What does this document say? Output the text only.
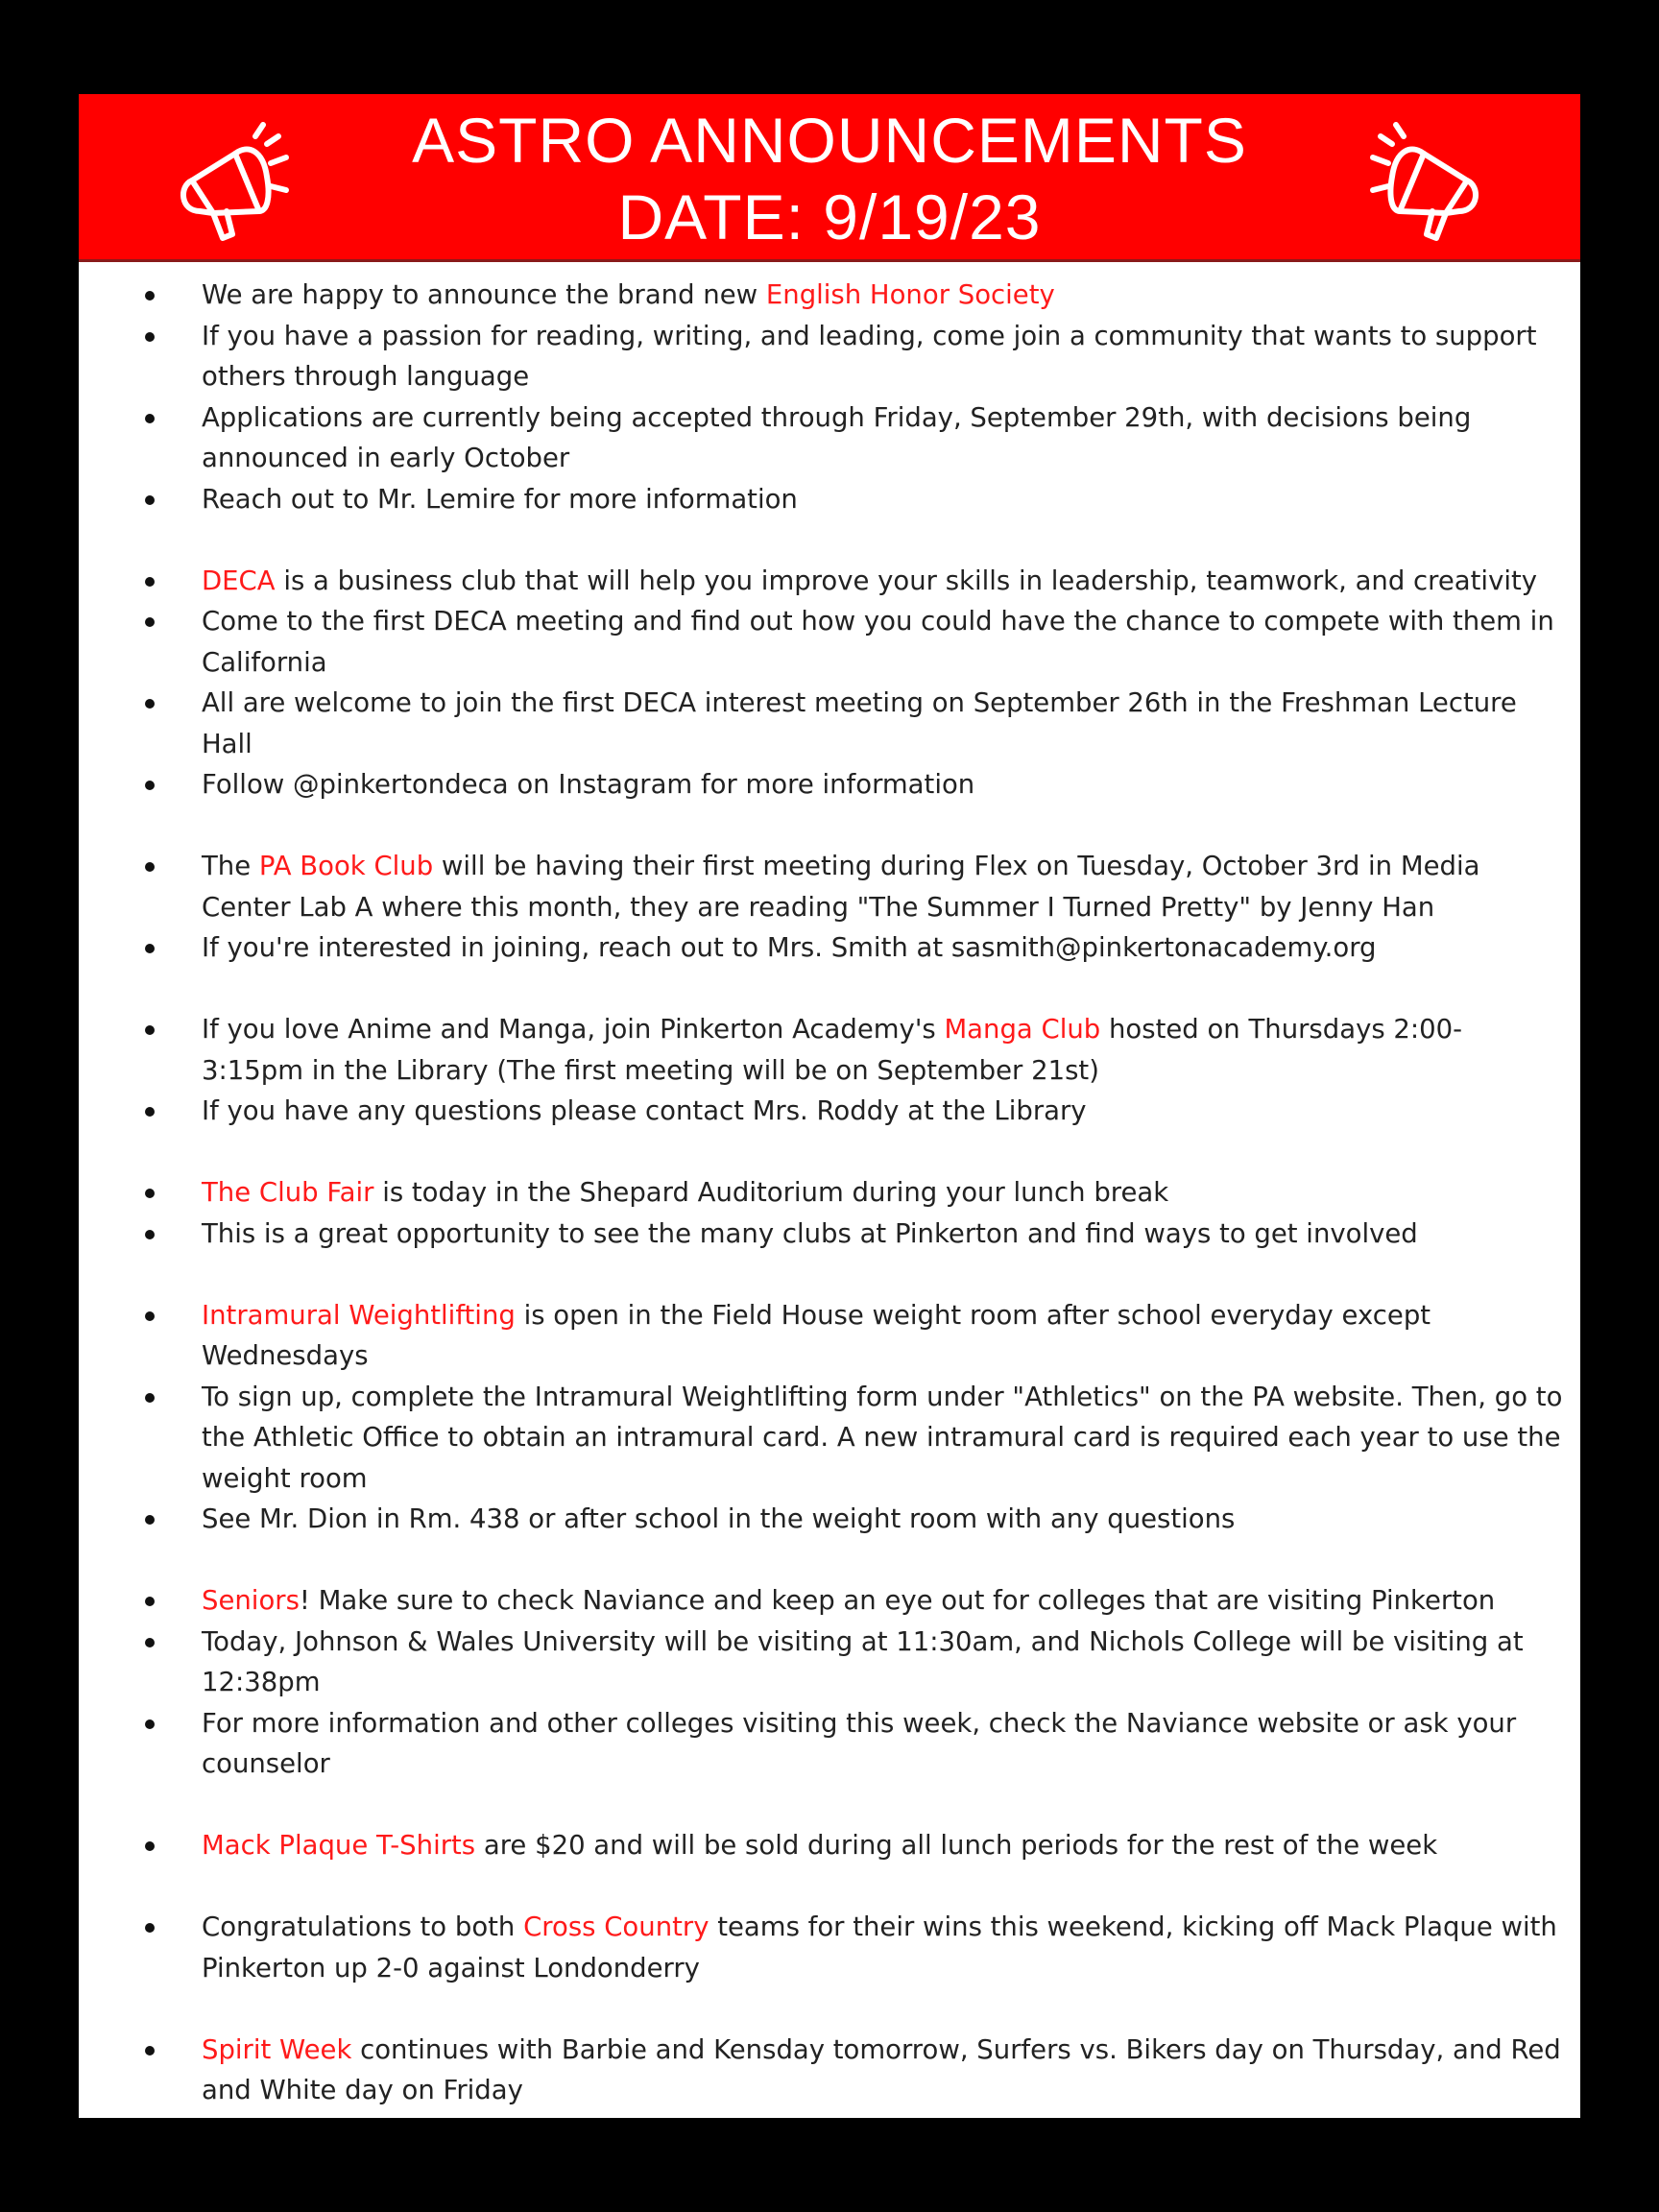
ASTRO ANNOUNCEMENTS
DATE: 9/19/23
We are happy to announce the brand new English Honor Society
If you have a passion for reading, writing, and leading, come join a community that wants to support others through language
Applications are currently being accepted through Friday, September 29th, with decisions being announced in early October
Reach out to Mr. Lemire for more information
DECA is a business club that will help you improve your skills in leadership, teamwork, and creativity
Come to the first DECA meeting and find out how you could have the chance to compete with them in California
All are welcome to join the first DECA interest meeting on September 26th in the Freshman Lecture Hall
Follow @pinkertondeca on Instagram for more information
The PA Book Club will be having their first meeting during Flex on Tuesday, October 3rd in Media Center Lab A where this month, they are reading "The Summer I Turned Pretty" by Jenny Han
If you're interested in joining, reach out to Mrs. Smith at sasmith@pinkertonacademy.org
If you love Anime and Manga, join Pinkerton Academy's Manga Club hosted on Thursdays 2:00-3:15pm in the Library (The first meeting will be on September 21st)
If you have any questions please contact Mrs. Roddy at the Library
The Club Fair is today in the Shepard Auditorium during your lunch break
This is a great opportunity to see the many clubs at Pinkerton and find ways to get involved
Intramural Weightlifting is open in the Field House weight room after school everyday except Wednesdays
To sign up, complete the Intramural Weightlifting form under "Athletics" on the PA website. Then, go to the Athletic Office to obtain an intramural card. A new intramural card is required each year to use the weight room
See Mr. Dion in Rm. 438 or after school in the weight room with any questions
Seniors! Make sure to check Naviance and keep an eye out for colleges that are visiting Pinkerton
Today, Johnson & Wales University will be visiting at 11:30am, and Nichols College will be visiting at 12:38pm
For more information and other colleges visiting this week, check the Naviance website or ask your counselor
Mack Plaque T-Shirts are $20 and will be sold during all lunch periods for the rest of the week
Congratulations to both Cross Country teams for their wins this weekend, kicking off Mack Plaque with Pinkerton up 2-0 against Londonderry
Spirit Week continues with Barbie and Kensday tomorrow, Surfers vs. Bikers day on Thursday, and Red and White day on Friday
